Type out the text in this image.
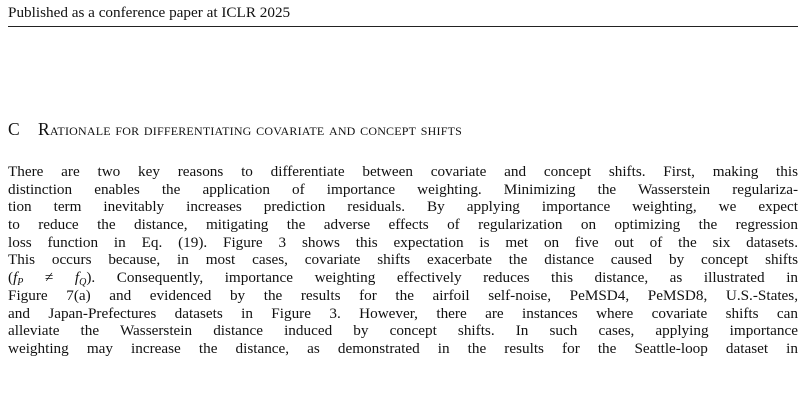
Published as a conference paper at ICLR 2025
C Rationale for differentiating covariate and concept shifts
There are two key reasons to differentiate between covariate and concept shifts. First, making this
distinction enables the application of importance weighting. Minimizing the Wasserstein regulariza-
tion term inevitably increases prediction residuals. By applying importance weighting, we expect
to reduce the distance, mitigating the adverse effects of regularization on optimizing the regression
loss function in Eq. (19). Figure 3 shows this expectation is met on five out of the six datasets.
This occurs because, in most cases, covariate shifts exacerbate the distance caused by concept shifts
$(f_P \ne f_Q)$. Consequently, importance weighting effectively reduces this distance, as illustrated in
Figure 7(a) and evidenced by the results for the airfoil self-noise, PeMSD4, PeMSD8, U.S.-States,
and Japan-Prefectures datasets in Figure 3. However, there are instances where covariate shifts can
alleviate the Wasserstein distance induced by concept shifts. In such cases, applying importance
weighting may increase the distance, as demonstrated in the results for the Seattle-loop dataset in
